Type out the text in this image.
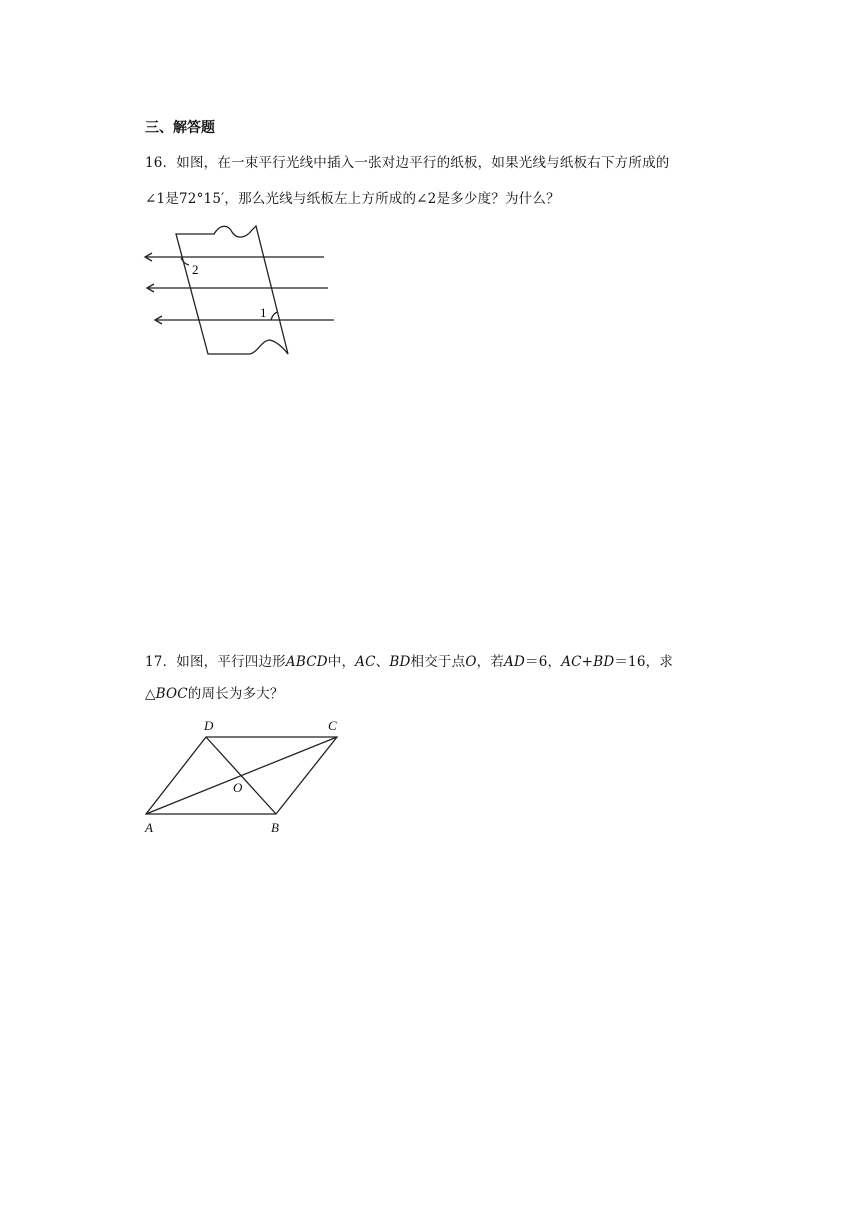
三、解答题
16．如图，在一束平行光线中插入一张对边平行的纸板，如果光线与纸板右下方所成的
∠1是72°15′，那么光线与纸板左上方所成的∠2是多少度？为什么？
2
1
17．如图，平行四边形ABCD中，AC、BD相交于点O，若AD＝6，AC+BD＝16，求
△BOC的周长为多大？
D	C
O
A	B
